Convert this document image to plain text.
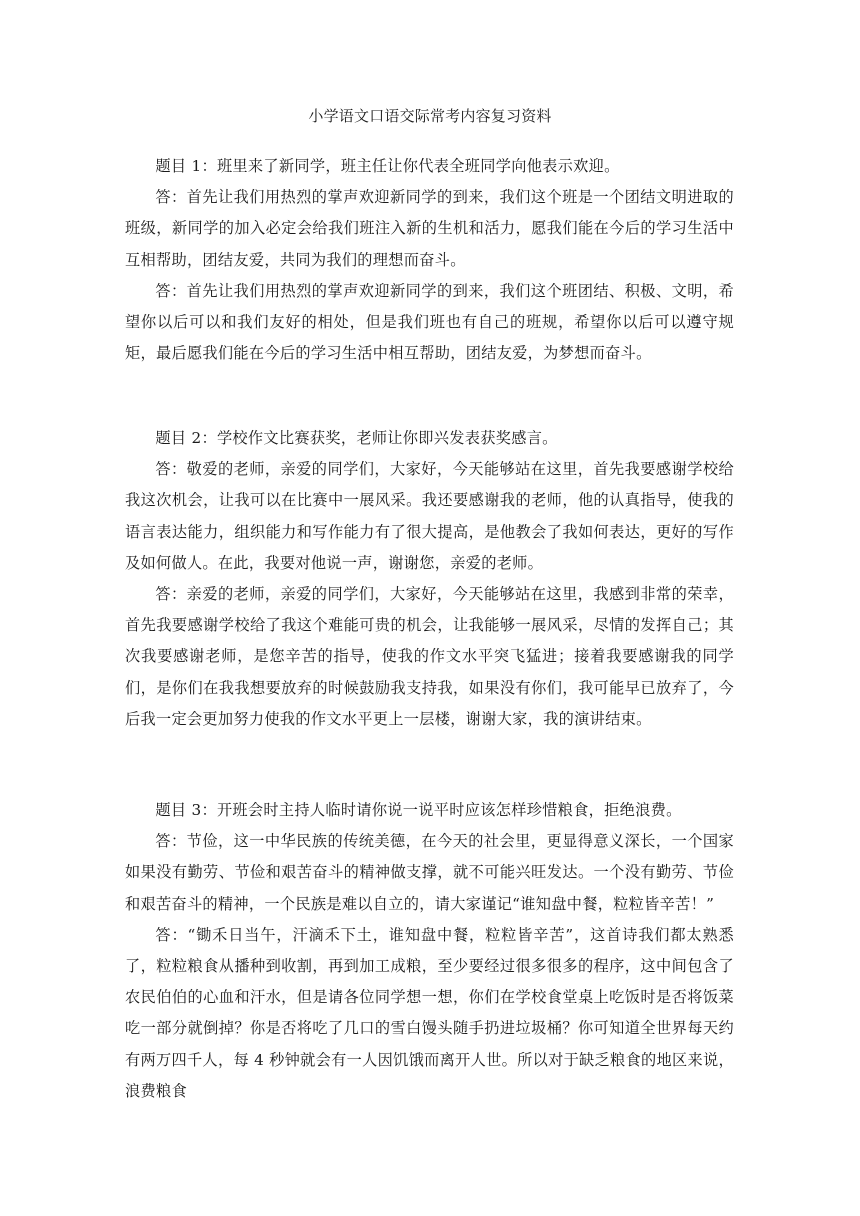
小学语文口语交际常考内容复习资料

题目 1：班里来了新同学，班主任让你代表全班同学向他表示欢迎。

答：首先让我们用热烈的掌声欢迎新同学的到来，我们这个班是一个团结文明进取的班级，新同学的加入必定会给我们班注入新的生机和活力，愿我们能在今后的学习生活中互相帮助，团结友爱，共同为我们的理想而奋斗。

答：首先让我们用热烈的掌声欢迎新同学的到来，我们这个班团结、积极、文明，希望你以后可以和我们友好的相处，但是我们班也有自己的班规，希望你以后可以遵守规矩，最后愿我们能在今后的学习生活中相互帮助，团结友爱，为梦想而奋斗。

题目 2：学校作文比赛获奖，老师让你即兴发表获奖感言。

答：敬爱的老师，亲爱的同学们，大家好，今天能够站在这里，首先我要感谢学校给我这次机会，让我可以在比赛中一展风采。我还要感谢我的老师，他的认真指导，使我的语言表达能力，组织能力和写作能力有了很大提高，是他教会了我如何表达，更好的写作及如何做人。在此，我要对他说一声，谢谢您，亲爱的老师。

答：亲爱的老师，亲爱的同学们，大家好，今天能够站在这里，我感到非常的荣幸，首先我要感谢学校给了我这个难能可贵的机会，让我能够一展风采，尽情的发挥自己；其次我要感谢老师，是您辛苦的指导，使我的作文水平突飞猛进；接着我要感谢我的同学们，是你们在我我想要放弃的时候鼓励我支持我，如果没有你们，我可能早已放弃了，今后我一定会更加努力使我的作文水平更上一层楼，谢谢大家，我的演讲结束。

题目 3：开班会时主持人临时请你说一说平时应该怎样珍惜粮食，拒绝浪费。

答：节俭，这一中华民族的传统美德，在今天的社会里，更显得意义深长，一个国家如果没有勤劳、节俭和艰苦奋斗的精神做支撑，就不可能兴旺发达。一个没有勤劳、节俭和艰苦奋斗的精神，一个民族是难以自立的，请大家谨记“谁知盘中餐，粒粒皆辛苦！”

答：“锄禾日当午，汗滴禾下土，谁知盘中餐，粒粒皆辛苦”，这首诗我们都太熟悉了，粒粒粮食从播种到收割，再到加工成粮，至少要经过很多很多的程序，这中间包含了农民伯伯的心血和汗水，但是请各位同学想一想，你们在学校食堂桌上吃饭时是否将饭菜吃一部分就倒掉？你是否将吃了几口的雪白馒头随手扔进垃圾桶？你可知道全世界每天约有两万四千人，每 4 秒钟就会有一人因饥饿而离开人世。所以对于缺乏粮食的地区来说，浪费粮食
